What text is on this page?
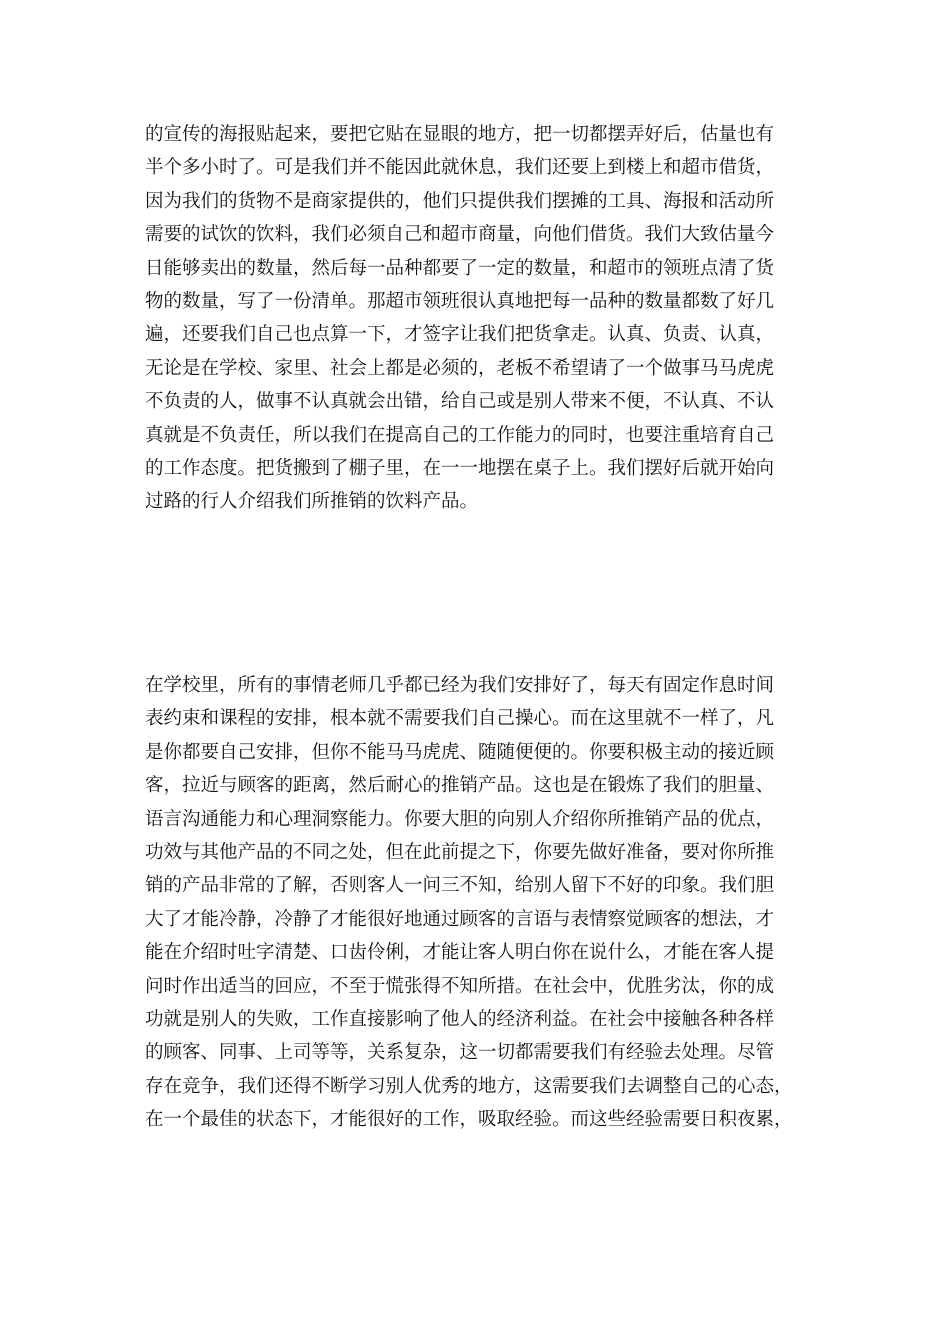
的宣传的海报贴起来，要把它贴在显眼的地方，把一切都摆弄好后，估量也有
半个多小时了。可是我们并不能因此就休息，我们还要上到楼上和超市借货，
因为我们的货物不是商家提供的，他们只提供我们摆摊的工具、海报和活动所
需要的试饮的饮料，我们必须自己和超市商量，向他们借货。我们大致估量今
日能够卖出的数量，然后每一品种都要了一定的数量，和超市的领班点清了货
物的数量，写了一份清单。那超市领班很认真地把每一品种的数量都数了好几
遍，还要我们自己也点算一下，才签字让我们把货拿走。认真、负责、认真，
无论是在学校、家里、社会上都是必须的，老板不希望请了一个做事马马虎虎
不负责的人，做事不认真就会出错，给自己或是别人带来不便，不认真、不认
真就是不负责任，所以我们在提高自己的工作能力的同时，也要注重培育自己
的工作态度。把货搬到了棚子里，在一一地摆在桌子上。我们摆好后就开始向
过路的行人介绍我们所推销的饮料产品。
在学校里，所有的事情老师几乎都已经为我们安排好了，每天有固定作息时间
表约束和课程的安排，根本就不需要我们自己操心。而在这里就不一样了，凡
是你都要自己安排，但你不能马马虎虎、随随便便的。你要积极主动的接近顾
客，拉近与顾客的距离，然后耐心的推销产品。这也是在锻炼了我们的胆量、
语言沟通能力和心理洞察能力。你要大胆的向别人介绍你所推销产品的优点，
功效与其他产品的不同之处，但在此前提之下，你要先做好准备，要对你所推
销的产品非常的了解，否则客人一问三不知，给别人留下不好的印象。我们胆
大了才能冷静，冷静了才能很好地通过顾客的言语与表情察觉顾客的想法，才
能在介绍时吐字清楚、口齿伶俐，才能让客人明白你在说什么，才能在客人提
问时作出适当的回应，不至于慌张得不知所措。在社会中，优胜劣汰，你的成
功就是别人的失败，工作直接影响了他人的经济利益。在社会中接触各种各样
的顾客、同事、上司等等，关系复杂，这一切都需要我们有经验去处理。尽管
存在竞争，我们还得不断学习别人优秀的地方，这需要我们去调整自己的心态，
在一个最佳的状态下，才能很好的工作，吸取经验。而这些经验需要日积夜累，
